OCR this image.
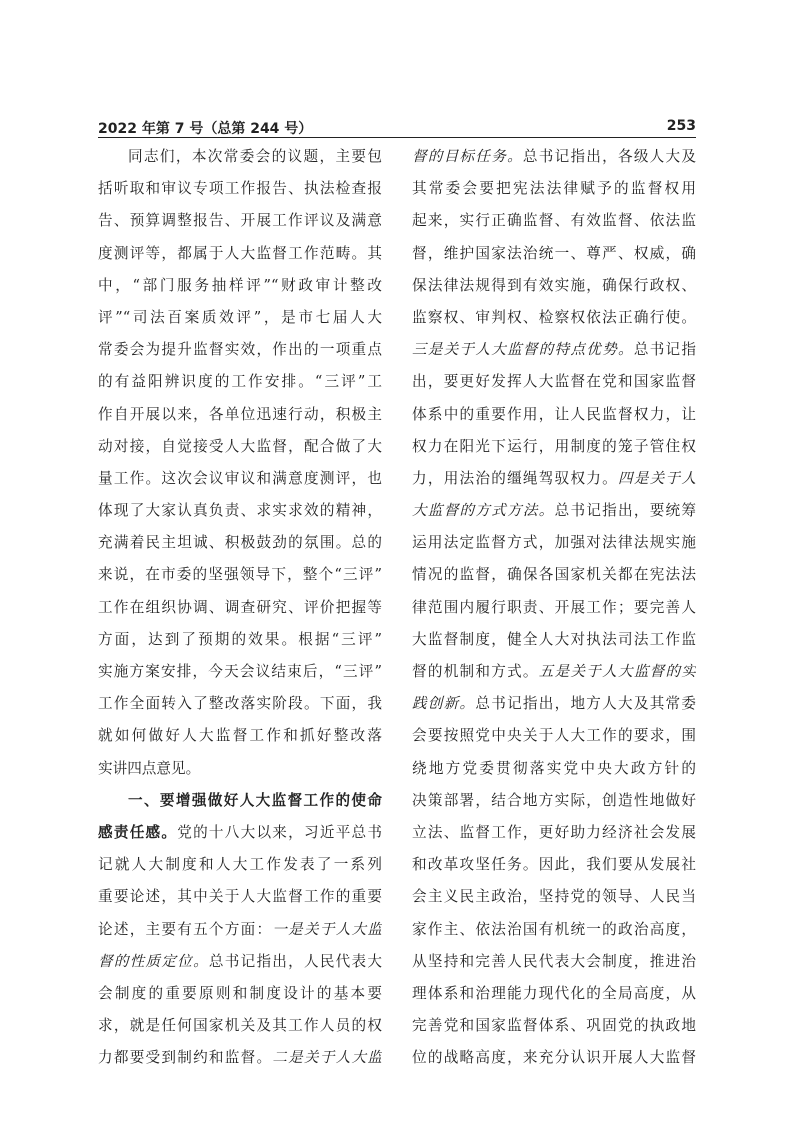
2022 年第 7 号（总第 244 号）	253
同志们，本次常委会的议题，主要包
括听取和审议专项工作报告、执法检查报
告、预算调整报告、开展工作评议及满意
度测评等，都属于人大监督工作范畴。其
中，“部门服务抽样评”“财政审计整改
评”“司法百案质效评”，是市七届人大
常委会为提升监督实效，作出的一项重点
的有益阳辨识度的工作安排。“三评”工
作自开展以来，各单位迅速行动，积极主
动对接，自觉接受人大监督，配合做了大
量工作。这次会议审议和满意度测评，也
体现了大家认真负责、求实求效的精神，
充满着民主坦诚、积极鼓劲的氛围。总的
来说，在市委的坚强领导下，整个“三评”
工作在组织协调、调查研究、评价把握等
方面，达到了预期的效果。根据“三评”
实施方案安排，今天会议结束后，“三评”
工作全面转入了整改落实阶段。下面，我
就如何做好人大监督工作和抓好整改落
实讲四点意见。
一、要增强做好人大监督工作的使命
感责任感。党的十八大以来，习近平总书
记就人大制度和人大工作发表了一系列
重要论述，其中关于人大监督工作的重要
论述，主要有五个方面：一是关于人大监
督的性质定位。总书记指出，人民代表大
会制度的重要原则和制度设计的基本要
求，就是任何国家机关及其工作人员的权
力都要受到制约和监督。二是关于人大监
督的目标任务。总书记指出，各级人大及
其常委会要把宪法法律赋予的监督权用
起来，实行正确监督、有效监督、依法监
督，维护国家法治统一、尊严、权威，确
保法律法规得到有效实施，确保行政权、
监察权、审判权、检察权依法正确行使。
三是关于人大监督的特点优势。总书记指
出，要更好发挥人大监督在党和国家监督
体系中的重要作用，让人民监督权力，让
权力在阳光下运行，用制度的笼子管住权
力，用法治的缰绳驾驭权力。四是关于人
大监督的方式方法。总书记指出，要统筹
运用法定监督方式，加强对法律法规实施
情况的监督，确保各国家机关都在宪法法
律范围内履行职责、开展工作；要完善人
大监督制度，健全人大对执法司法工作监
督的机制和方式。五是关于人大监督的实
践创新。总书记指出，地方人大及其常委
会要按照党中央关于人大工作的要求，围
绕地方党委贯彻落实党中央大政方针的
决策部署，结合地方实际，创造性地做好
立法、监督工作，更好助力经济社会发展
和改革攻坚任务。因此，我们要从发展社
会主义民主政治，坚持党的领导、人民当
家作主、依法治国有机统一的政治高度，
从坚持和完善人民代表大会制度，推进治
理体系和治理能力现代化的全局高度，从
完善党和国家监督体系、巩固党的执政地
位的战略高度，来充分认识开展人大监督
